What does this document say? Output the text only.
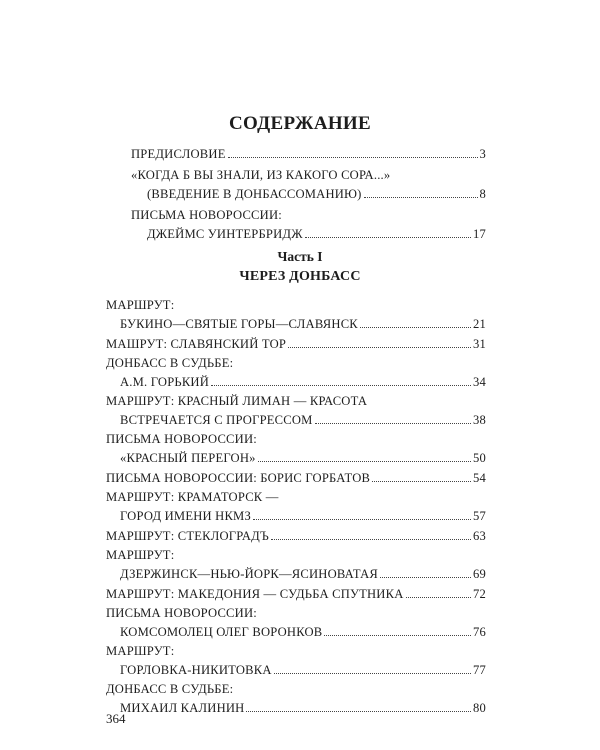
СОДЕРЖАНИЕ
ПРЕДИСЛОВИЕ	3
«КОГДА Б ВЫ ЗНАЛИ, ИЗ КАКОГО СОРА...»
(ВВЕДЕНИЕ В ДОНБАССОМАНИЮ)	8
ПИСЬМА НОВОРОССИИ:
ДЖЕЙМС УИНТЕРБРИДЖ	17
Часть I
ЧЕРЕЗ ДОНБАСС
МАРШРУТ:
БУКИНО—СВЯТЫЕ ГОРЫ—СЛАВЯНСК	21
МАШРУТ: СЛАВЯНСКИЙ ТОР	31
ДОНБАСС В СУДЬБЕ:
А.М. ГОРЬКИЙ	34
МАРШРУТ: КРАСНЫЙ ЛИМАН — КРАСОТА
ВСТРЕЧАЕТСЯ С ПРОГРЕССОМ	38
ПИСЬМА НОВОРОССИИ:
«КРАСНЫЙ ПЕРЕГОН»	50
ПИСЬМА НОВОРОССИИ: БОРИС ГОРБАТОВ	54
МАРШРУТ: КРАМАТОРСК —
ГОРОД ИМЕНИ НКМЗ	57
МАРШРУТ: СТЕКЛОГРАДЪ	63
МАРШРУТ:
ДЗЕРЖИНСК—НЬЮ-ЙОРК—ЯСИНОВАТАЯ	69
МАРШРУТ: МАКЕДОНИЯ — СУДЬБА СПУТНИКА	72
ПИСЬМА НОВОРОССИИ:
КОМСОМОЛЕЦ ОЛЕГ ВОРОНКОВ	76
МАРШРУТ:
ГОРЛОВКА-НИКИТОВКА	77
ДОНБАСС В СУДЬБЕ:
МИХАИЛ КАЛИНИН	80
364
